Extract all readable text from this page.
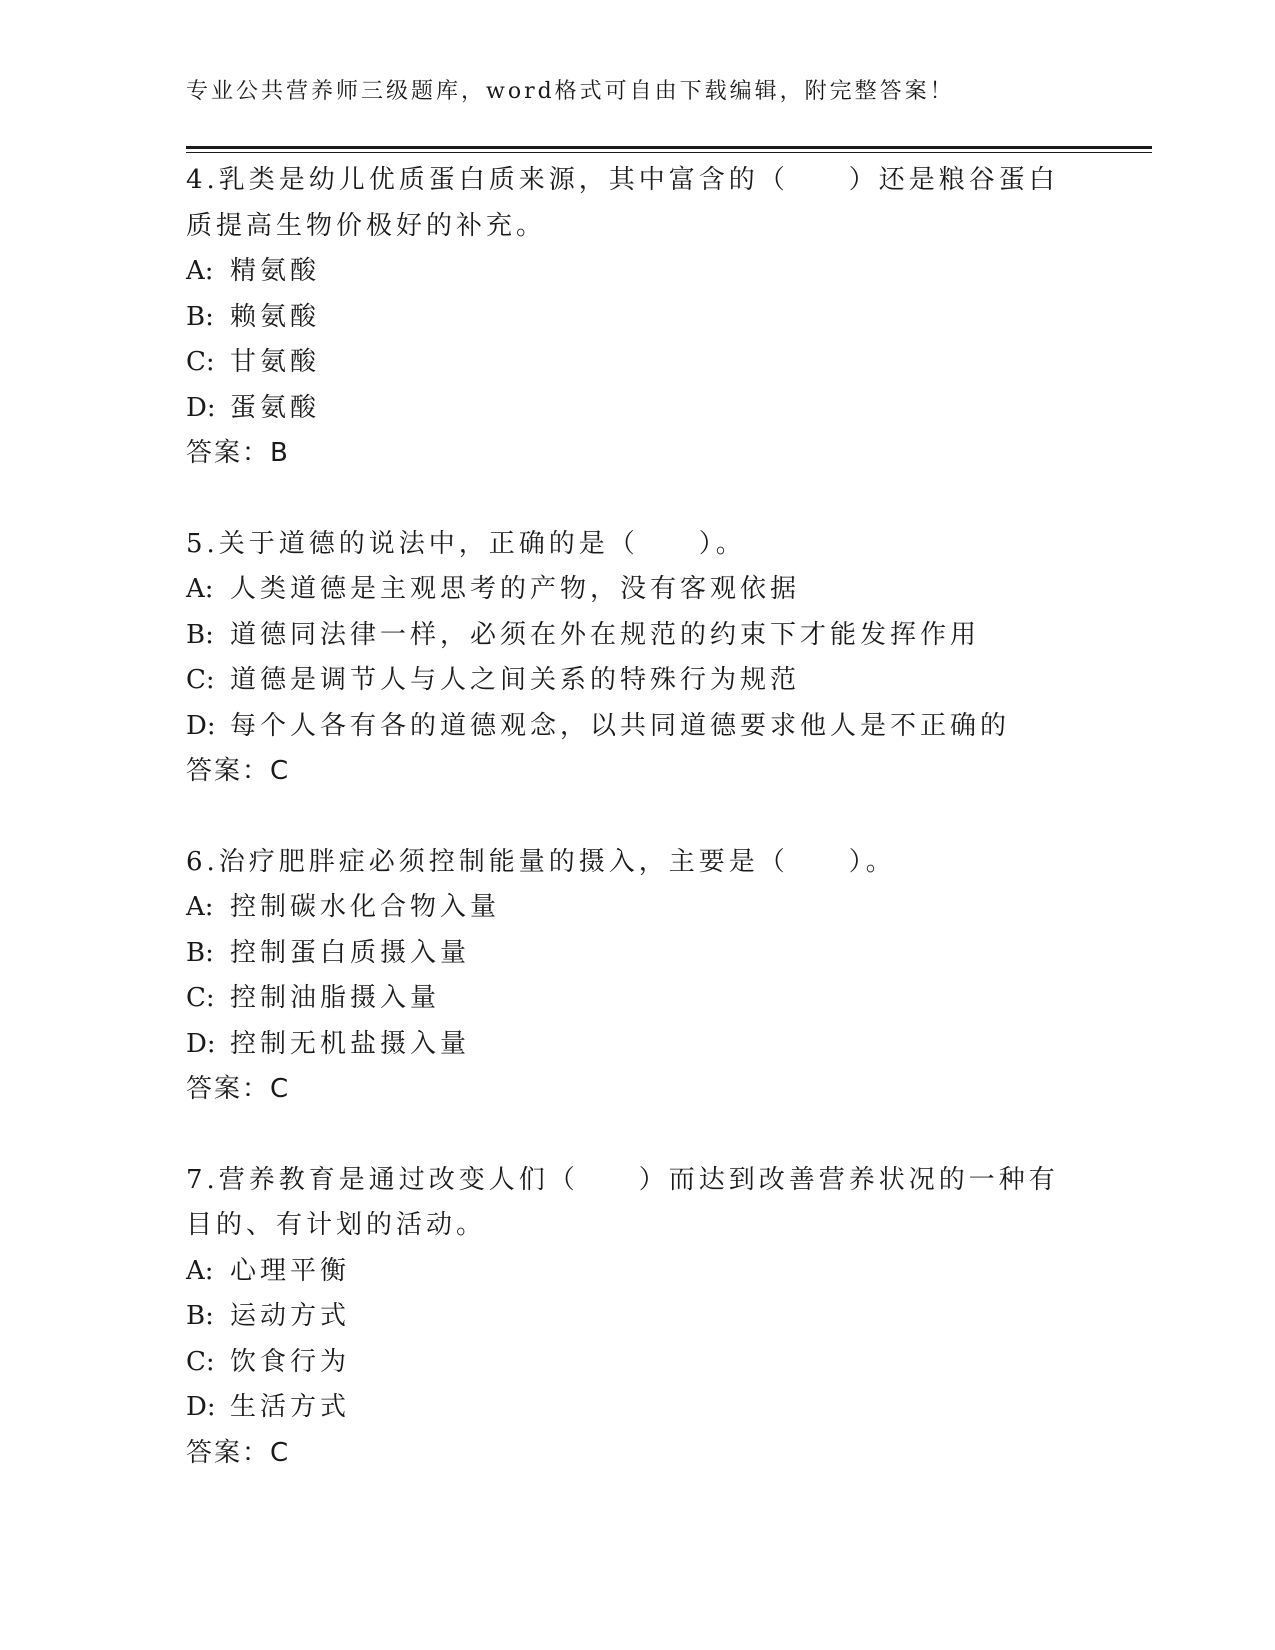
专业公共营养师三级题库，word格式可自由下载编辑，附完整答案！
4.乳类是幼儿优质蛋白质来源，其中富含的（　　）还是粮谷蛋白质提高生物价极好的补充。
A: 精氨酸
B: 赖氨酸
C: 甘氨酸
D: 蛋氨酸
答案：B
5.关于道德的说法中，正确的是（　　）。
A: 人类道德是主观思考的产物，没有客观依据
B: 道德同法律一样，必须在外在规范的约束下才能发挥作用
C: 道德是调节人与人之间关系的特殊行为规范
D: 每个人各有各的道德观念，以共同道德要求他人是不正确的
答案：C
6.治疗肥胖症必须控制能量的摄入，主要是（　　）。
A: 控制碳水化合物入量
B: 控制蛋白质摄入量
C: 控制油脂摄入量
D: 控制无机盐摄入量
答案：C
7.营养教育是通过改变人们（　　）而达到改善营养状况的一种有目的、有计划的活动。
A: 心理平衡
B: 运动方式
C: 饮食行为
D: 生活方式
答案：C
